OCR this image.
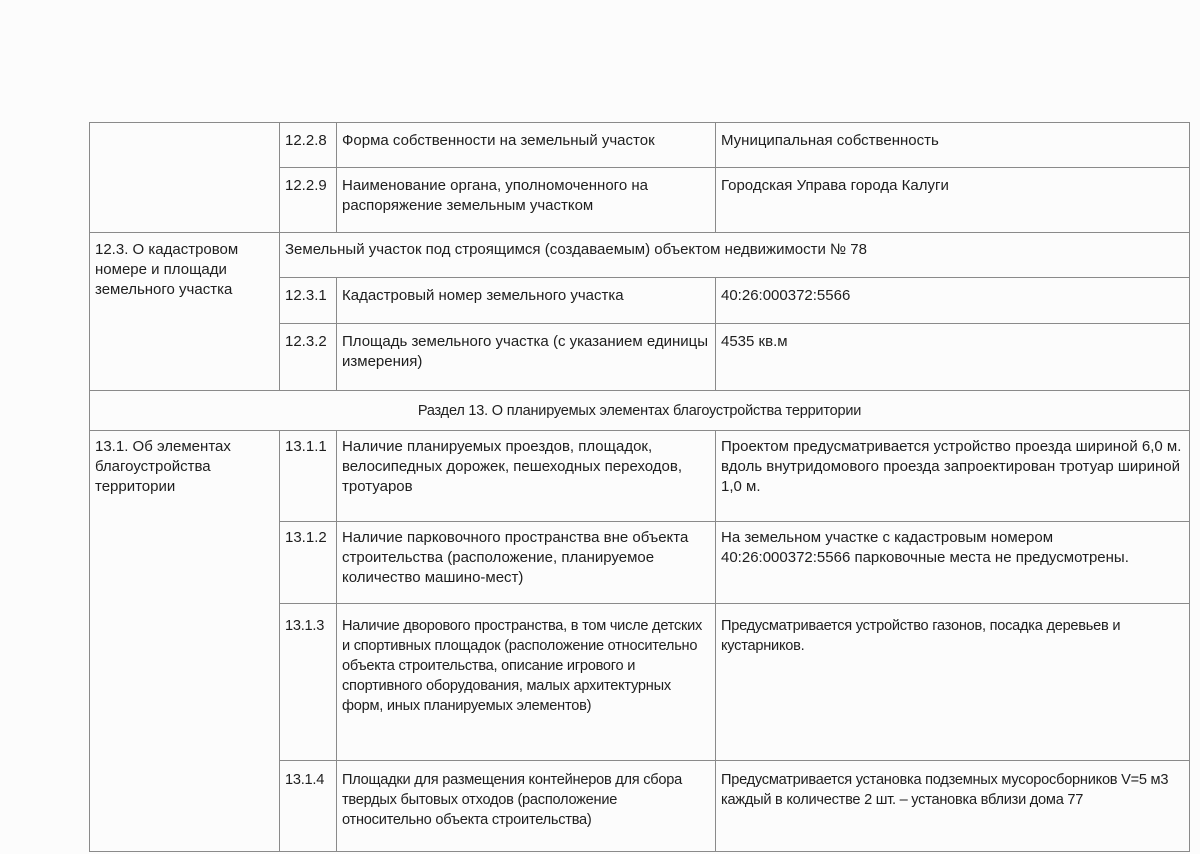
	12.2.8	Форма собственности на земельный участок	Муниципальная собственность
	12.2.9	Наименование органа, уполномоченного на распоряжение земельным участком	Городская Управа города Калуги
12.3. О кадастровом номере и площади земельного участка	Земельный участок под строящимся (создаваемым) объектом недвижимости № 78		
	12.3.1	Кадастровый номер земельного участка	40:26:000372:5566
	12.3.2	Площадь земельного участка (с указанием единицы измерения)	4535 кв.м
Раздел 13. О планируемых элементах благоустройства территории			
13.1. Об элементах благоустройства территории	13.1.1	Наличие планируемых проездов, площадок, велосипедных дорожек, пешеходных переходов, тротуаров	Проектом предусматривается устройство проезда шириной 6,0 м. вдоль внутридомового проезда запроектирован тротуар шириной 1,0 м.
	13.1.2	Наличие парковочного пространства вне объекта строительства (расположение, планируемое количество машино-мест)	На земельном участке с кадастровым номером 40:26:000372:5566 парковочные места не предусмотрены.
	13.1.3	Наличие дворового пространства, в том числе детских и спортивных площадок (расположение относительно объекта строительства, описание игрового и спортивного оборудования, малых архитектурных форм, иных планируемых элементов)	Предусматривается устройство газонов, посадка деревьев и кустарников.
	13.1.4	Площадки для размещения контейнеров для сбора твердых бытовых отходов (расположение относительно объекта строительства)	Предусматривается установка подземных мусоросборников V=5 м3 каждый в количестве 2 шт. – установка вблизи дома 77
